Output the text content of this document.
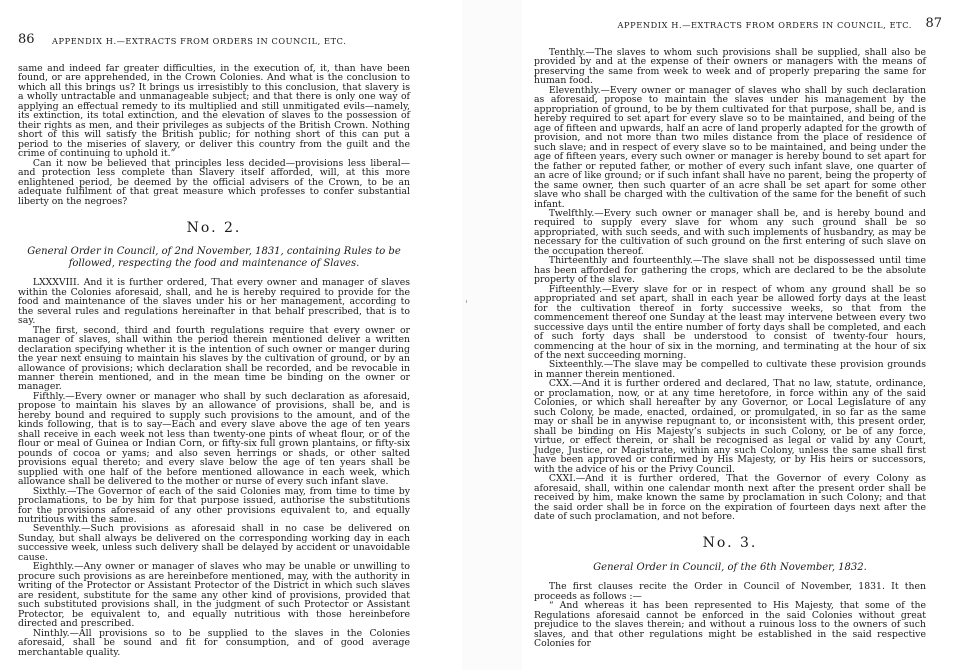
86 APPENDIX H.—EXTRACTS FROM ORDERS IN COUNCIL, ETC.

same and indeed far greater difficulties, in the execution of, it, than have been found, or are apprehended, in the Crown Colonies. And what is the conclusion to which all this brings us? It brings us irresistibly to this conclusion, that slavery is a wholly untractable and unmanageable subject; and that there is only one way of applying an effectual remedy to its multiplied and still unmitigated evils—namely, its extinction, its total extinction, and the elevation of slaves to the possession of their rights as men, and their privileges as subjects of the British Crown. Nothing short of this will satisfy the British public; for nothing short of this can put a period to the miseries of slavery, or deliver this country from the guilt and the crime of continuing to uphold it.”

Can it now be believed that principles less decided—provisions less liberal—and protection less complete than Slavery itself afforded, will, at this more enlightened period, be deemed by the official advisers of the Crown, to be an adequate fulfilment of that great measure which professes to confer substantial liberty on the negroes?

No. 2.
General Order in Council, of 2nd November, 1831, containing Rules to be followed, respecting the food and maintenance of Slaves.

LXXXVIII. And it is further ordered, That every owner and manager of slaves within the Colonies aforesaid, shall, and he is hereby required to provide for the food and maintenance of the slaves under his or her management, according to the several rules and regulations hereinafter in that behalf prescribed, that is to say.

The first, second, third and fourth regulations require that every owner or manager of slaves, shall within the period therein mentioned deliver a written declaration specifying whether it is the intention of such owner or manger during the year next ensuing to maintain his slaves by the cultivation of ground, or by an allowance of provisions; which declaration shall be recorded, and be revocable in manner therein mentioned, and in the mean time be binding on the owner or manager.

Fifthly.—Every owner or manager who shall by such declaration as aforesaid, propose to maintain his slaves by an allowance of provisions, shall be, and is hereby bound and required to supply such provisions to the amount, and of the kinds following, that is to say—Each and every slave above the age of ten years shall receive in each week not less than twenty-one pints of wheat flour, or of the flour or meal of Guinea or Indian Corn, or fifty-six full grown plantains, or fifty-six pounds of cocoa or yams; and also seven herrings or shads, or other salted provisions equal thereto; and every slave below the age of ten years shall be supplied with one half of the before mentioned allowance in each week, which allowance shall be delivered to the mother or nurse of every such infant slave.

Sixthly.—The Governor of each of the said Colonies may, from time to time by proclamations, to be by him for that purpose issued, authorise the substitutions for the provisions aforesaid of any other provisions equivalent to, and equally nutritious with the same.

Seventhly.—Such provisions as aforesaid shall in no case be delivered on Sunday, but shall always be delivered on the corresponding working day in each successive week, unless such delivery shall be delayed by accident or unavoidable cause.

Eighthly.—Any owner or manager of slaves who may be unable or unwilling to procure such provisions as are hereinbefore mentioned, may, with the authority in writing of the Protector or Assistant Protector of the District in which such slaves are resident, substitute for the same any other kind of provisions, provided that such substituted provisions shall, in the judgment of such Protector or Assistant Protector, be equivalent to, and equally nutritious with those hereinbefore directed and prescribed.

Ninthly.—All provisions so to be supplied to the slaves in the Colonies aforesaid, shall be sound and fit for consumption, and of good average merchantable quality.

APPENDIX H.—EXTRACTS FROM ORDERS IN COUNCIL, ETC. 87

Tenthly.—The slaves to whom such provisions shall be supplied, shall also be provided by and at the expense of their owners or managers with the means of preserving the same from week to week and of properly preparing the same for human food.

Eleventhly.—Every owner or manager of slaves who shall by such declaration as aforesaid, propose to maintain the slaves under his management by the appropriation of ground, to be by them cultivated for that purpose, shall be, and is hereby required to set apart for every slave so to be maintained, and being of the age of fifteen and upwards, half an acre of land properly adapted for the growth of provision, and not more than two miles distance from the place of residence of such slave; and in respect of every slave so to be maintained, and being under the age of fifteen years, every such owner or manager is hereby bound to set apart for the father or reputed father, or mother of every such infant slave, one quarter of an acre of like ground; or if such infant shall have no parent, being the property of the same owner, then such quarter of an acre shall be set apart for some other slave who shall be charged with the cultivation of the same for the benefit of such infant.

Twelfthly.—Every such owner or manager shall be, and is hereby bound and required to supply every slave for whom any such ground shall be so appropriated, with such seeds, and with such implements of husbandry, as may be necessary for the cultivation of such ground on the first entering of such slave on the occupation thereof.

Thirteenthly and fourteenthly.—The slave shall not be dispossessed until time has been afforded for gathering the crops, which are declared to be the absolute property of the slave.

Fifteenthly.—Every slave for or in respect of whom any ground shall be so appropriated and set apart, shall in each year be allowed forty days at the least for the cultivation thereof in forty successive weeks, so that from the commencement thereof one Sunday at the least may intervene between every two successive days until the entire number of forty days shall be completed, and each of such forty days shall be understood to consist of twenty-four hours, commencing at the hour of six in the morning, and terminating at the hour of six of the next succeeding morning.

Sixteenthly.—The slave may be compelled to cultivate these provision grounds in manner therein mentioned.

CXX.—And it is further ordered and declared, That no law, statute, ordinance, or proclamation, now, or at any time heretofore, in force within any of the said Colonies, or which shall hereafter by any Governor, or Local Legislature of any such Colony, be made, enacted, ordained, or promulgated, in so far as the same may or shall be in anywise repugnant to, or inconsistent with, this present order, shall be binding on His Majesty’s subjects in such Colony, or be of any force, virtue, or effect therein, or shall be recognised as legal or valid by any Court, Judge, Justice, or Magistrate, within any such Colony, unless the same shall first have been approved or confirmed by His Majesty, or by His heirs or successors, with the advice of his or the Privy Council.

CXXI.—And it is further ordered, That the Governor of every Colony as aforesaid, shall, within one calendar month next after the present order shall be received by him, make known the same by proclamation in such Colony; and that the said order shall be in force on the expiration of fourteen days next after the date of such proclamation, and not before.

No. 3.
General Order in Council, of the 6th November, 1832.

The first clauses recite the Order in Council of November, 1831. It then proceeds as follows :—

“ And whereas it has been represented to His Majesty, that some of the Regulations aforesaid cannot be enforced in the said Colonies without great prejudice to the slaves therein; and without a ruinous loss to the owners of such slaves, and that other regulations might be established in the said respective Colonies for
